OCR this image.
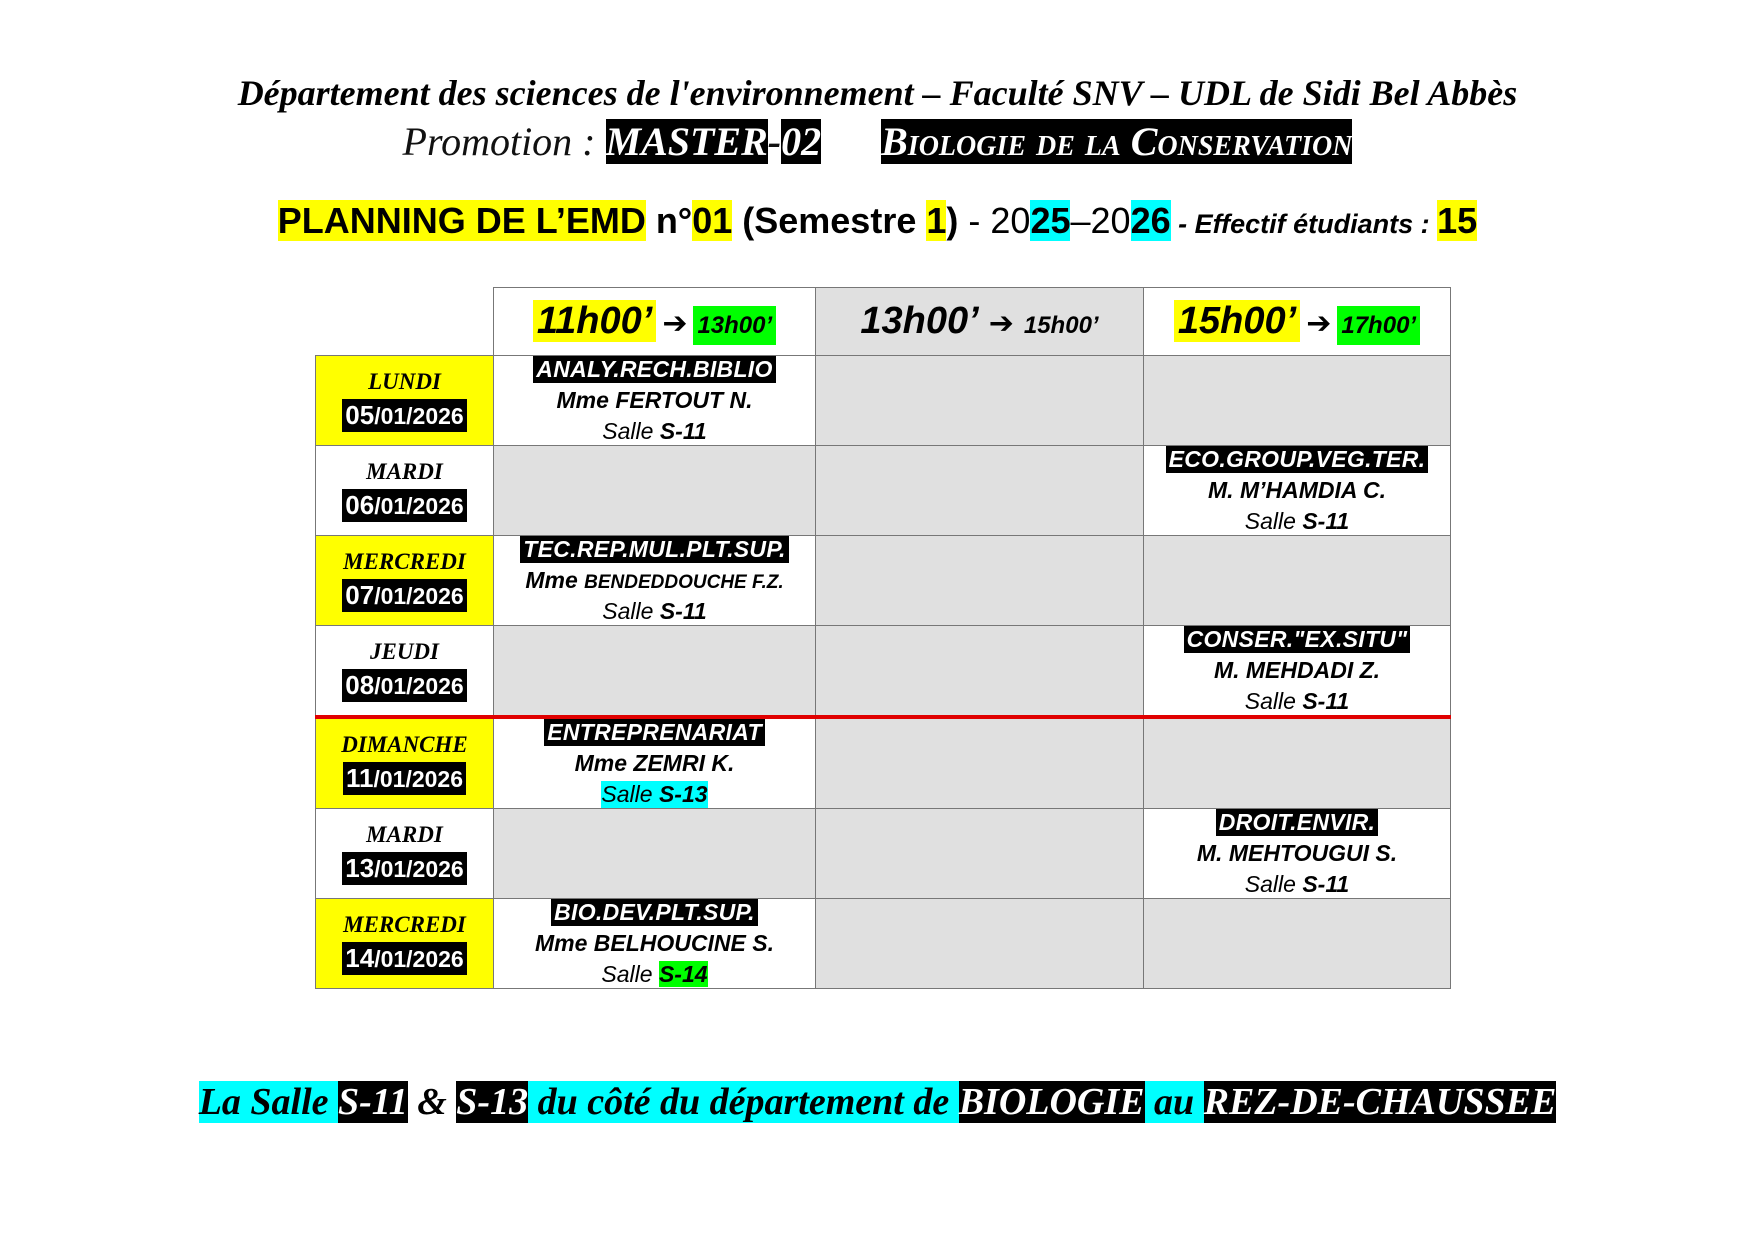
Département des sciences de l'environnement – Faculté SNV – UDL de Sidi Bel Abbès
Promotion : MASTER-02 Biologie de la Conservation
PLANNING DE L’EMD n°01 (Semestre 1) - 2025–2026 - Effectif étudiants : 15
	11h00’ ➔ 13h00’	13h00’ ➔ 15h00’	15h00’ ➔ 17h00’

LUNDI
05/01/2026	ANALY.RECH.BIBLIO
Mme FERTOUT N.
Salle S-11		

MARDI
06/01/2026			ECO.GROUP.VEG.TER.
M. M’HAMDIA C.
Salle S-11

MERCREDI
07/01/2026	TEC.REP.MUL.PLT.SUP.
Mme BENDEDDOUCHE F.Z.
Salle S-11		

JEUDI
08/01/2026			CONSER."EX.SITU"
M. MEHDADI Z.
Salle S-11

DIMANCHE
11/01/2026	ENTREPRENARIAT
Mme ZEMRI K.
Salle S-13		

MARDI
13/01/2026			DROIT.ENVIR.
M. MEHTOUGUI S.
Salle S-11

MERCREDI
14/01/2026	BIO.DEV.PLT.SUP.
Mme BELHOUCINE S.
Salle S-14		
La Salle S-11 & S-13 du côté du département de BIOLOGIE au REZ-DE-CHAUSSEE
